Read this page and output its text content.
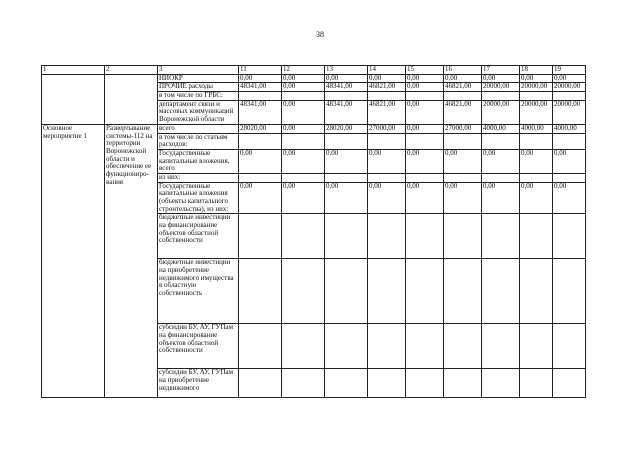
38
1	2	3	11	12	13	14	15	16	17	18	19
		НИОКР	0,00	0,00	0,00	0,00	0,00	0,00	0,00	0,00	0,00
		ПРОЧИЕ расходы	48341,00	0,00	48341,00	46821,00	0,00	46821,00	20000,00	20000,00	20000,00
		в том числе по ГРБС:									
		департамент связи и массовых коммуникаций Воронежской области	48341,00	0,00	48341,00	46821,00	0,00	46821,00	20000,00	20000,00	20000,00
Основное мероприятие 1	Развертывание системы-112 на территории Воронежской области и обеспечение ее функциониро-вания	всего	28020,00	0,00	28020,00	27000,00	0,00	27000,00	4000,00	4000,00	4000,00
		в том числе по статьям расходов:									
		Государственные капитальные вложения, всего	0,00	0,00	0,00	0,00	0,00	0,00	0,00	0,00	0,00
		из них:									
		Государственные капитальные вложения (объекты капитального строительства), из них:	0,00	0,00	0,00	0,00	0,00	0,00	0,00	0,00	0,00
		бюджетные инвестиции на финансирование объектов областной собственности									
		бюджетные инвестиции на приобретение недвижимого имущества в областную собственность									
		субсидии БУ, АУ, ГУПам на финансирование объектов областной собственности									
		субсидии БУ, АУ, ГУПам на приобретение недвижимого									
